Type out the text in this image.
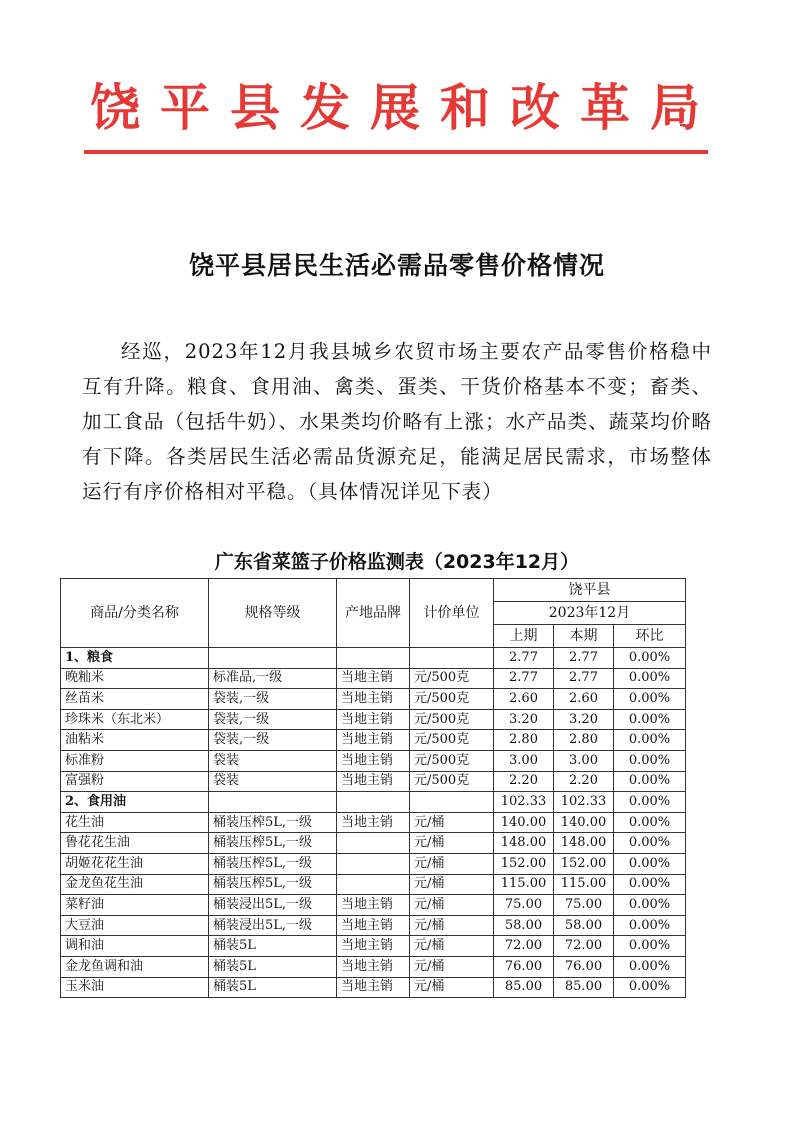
饶平县发展和改革局
饶平县居民生活必需品零售价格情况
经巡，2023年12月我县城乡农贸市场主要农产品零售价格稳中互有升降。粮食、食用油、禽类、蛋类、干货价格基本不变；畜类、加工食品（包括牛奶）、水果类均价略有上涨；水产品类、蔬菜均价略有下降。各类居民生活必需品货源充足，能满足居民需求，市场整体运行有序价格相对平稳。（具体情况详见下表）
广东省菜篮子价格监测表（2023年12月）
商品/分类名称	规格等级	产地品牌	计价单位	饶平县		
				2023年12月		
				上期	本期	环比
1、粮食				2.77	2.77	0.00%
晚籼米	标准品,一级	当地主销	元/500克	2.77	2.77	0.00%
丝苗米	袋装,一级	当地主销	元/500克	2.60	2.60	0.00%
珍珠米（东北米）	袋装,一级	当地主销	元/500克	3.20	3.20	0.00%
油粘米	袋装,一级	当地主销	元/500克	2.80	2.80	0.00%
标准粉	袋装	当地主销	元/500克	3.00	3.00	0.00%
富强粉	袋装	当地主销	元/500克	2.20	2.20	0.00%
2、食用油				102.33	102.33	0.00%
花生油	桶装压榨5L,一级	当地主销	元/桶	140.00	140.00	0.00%
鲁花花生油	桶装压榨5L,一级		元/桶	148.00	148.00	0.00%
胡姬花花生油	桶装压榨5L,一级		元/桶	152.00	152.00	0.00%
金龙鱼花生油	桶装压榨5L,一级		元/桶	115.00	115.00	0.00%
菜籽油	桶装浸出5L,一级	当地主销	元/桶	75.00	75.00	0.00%
大豆油	桶装浸出5L,一级	当地主销	元/桶	58.00	58.00	0.00%
调和油	桶装5L	当地主销	元/桶	72.00	72.00	0.00%
金龙鱼调和油	桶装5L	当地主销	元/桶	76.00	76.00	0.00%
玉米油	桶装5L	当地主销	元/桶	85.00	85.00	0.00%
